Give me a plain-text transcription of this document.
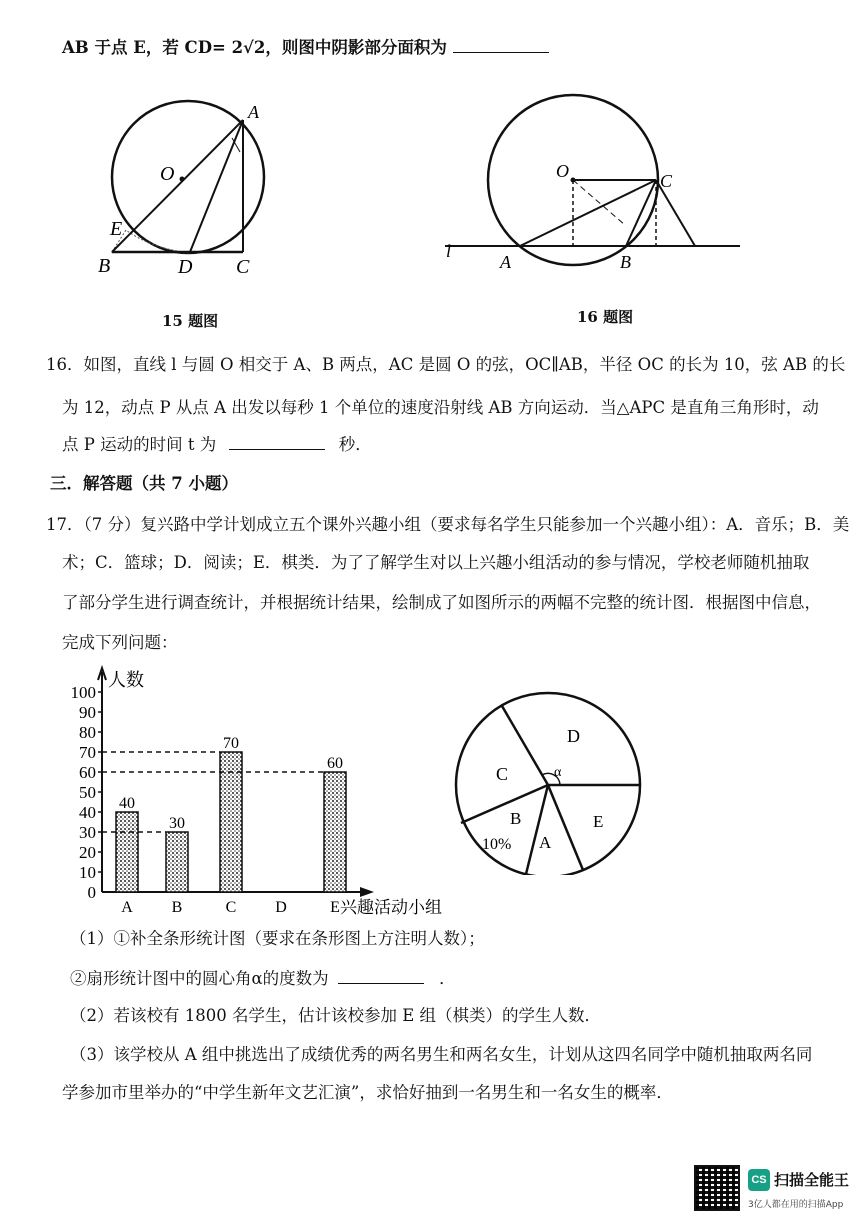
AB 于点 E，若 CD= 2√2，则图中阴影部分面积为
A
O
E
B	D C
15 题图
O	C
l
A	B
16 题图
16．如图，直线 l 与圆 O 相交于 A、B 两点，AC 是圆 O 的弦，OC∥AB，半径 OC 的长为 10，弦 AB 的长
为 12，动点 P 从点 A 出发以每秒 1 个单位的速度沿射线 AB 方向运动．当△APC 是直角三角形时，动
点 P 运动的时间 t 为	秒．
三．解答题（共 7 小题）
17．（7 分）复兴路中学计划成立五个课外兴趣小组（要求每名学生只能参加一个兴趣小组）：A．音乐；B．美
术；C．篮球；D．阅读；E．棋类．为了了解学生对以上兴趣小组活动的参与情况，学校老师随机抽取
了部分学生进行调查统计，并根据统计结果，绘制成了如图所示的两幅不完整的统计图．根据图中信息，
完成下列问题：
人数
兴趣活动小组
0
10
20
30
40
50
60
70
80
90
100
40
A
30
B
70
C D
60
E
D
C
B
A
E
10%
α
（1）①补全条形统计图（要求在条形图上方注明人数）；
②扇形统计图中的圆心角α的度数为	．
（2）若该校有 1800 名学生，估计该校参加 E 组（棋类）的学生人数．
（3）该学校从 A 组中挑选出了成绩优秀的两名男生和两名女生，计划从这四名同学中随机抽取两名同
学参加市里举办的“中学生新年文艺汇演”，求恰好抽到一名男生和一名女生的概率．
CS 扫描全能王
3亿人都在用的扫描App
